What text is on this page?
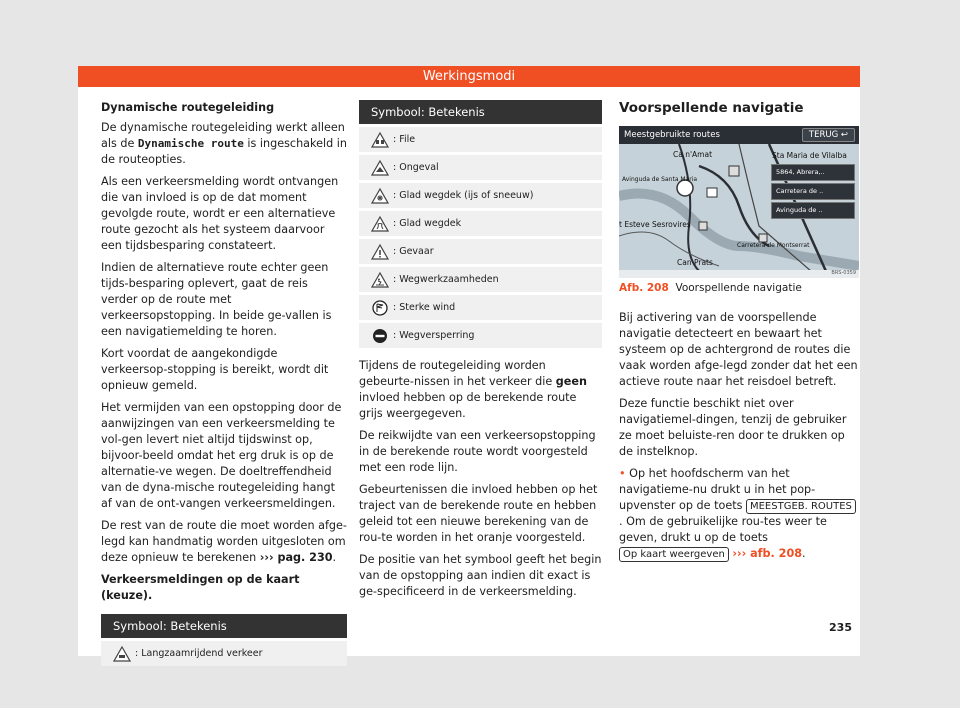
Werkingsmodi
Dynamische routegeleiding

De dynamische routegeleiding werkt alleen als de Dynamische route is ingeschakeld in de routeopties.

Als een verkeersmelding wordt ontvangen die van invloed is op de dat moment gevolgde route, wordt er een alternatieve route gezocht als het systeem daarvoor een tijdsbesparing constateert.

Indien de alternatieve route echter geen tijds-besparing oplevert, gaat de reis verder op de route met verkeersopstopping. In beide ge-vallen is een navigatiemelding te horen.

Kort voordat de aangekondigde verkeersop-stopping is bereikt, wordt dit opnieuw gemeld.

Het vermijden van een opstopping door de aanwijzingen van een verkeersmelding te vol-gen levert niet altijd tijdswinst op, bijvoor-beeld omdat het erg druk is op de alternatie-ve wegen. De doeltreffendheid van de dyna-mische routegeleiding hangt af van de ont-vangen verkeersmeldingen.

De rest van de route die moet worden afge-legd kan handmatig worden uitgesloten om deze opnieuw te berekenen ››› pag. 230.

Verkeersmeldingen op de kaart (keuze).
Symbool: Betekenis
: Langzaamrijdend verkeer
Symbool: Betekenis
: File
: Ongeval
: Glad wegdek (ijs of sneeuw)
: Glad wegdek
: Gevaar
: Wegwerkzaamheden
: Sterke wind
: Wegversperring

Tijdens de routegeleiding worden gebeurte-nissen in het verkeer die geen invloed hebben op de berekende route grijs weergegeven.

De reikwijdte van een verkeersopstopping in de berekende route wordt voorgesteld met een rode lijn.

Gebeurtenissen die invloed hebben op het traject van de berekende route en hebben geleid tot een nieuwe berekening van de rou-te worden in het oranje voorgesteld.

De positie van het symbool geeft het begin van de opstopping aan indien dit exact is ge-specificeerd in de verkeersmelding.

Voorspellende navigatie
Meestgebruikte routes	TERUG ↩
Ca n'Amat	Sta Maria de Vilalba
Avinguda de Santa Maria
t Esteve Sesrovires
Carretera de Montserrat
Can Prats
5864, Abrera,..
Carretera de ..
Avinguda de ..
BRS-0359
Afb. 208 Voorspellende navigatie

Bij activering van de voorspellende navigatie detecteert en bewaart het systeem op de achtergrond de routes die vaak worden afge-legd zonder dat het een actieve route naar het reisdoel betreft.

Deze functie beschikt niet over navigatiemel-dingen, tenzij de gebruiker ze moet beluiste-ren door te drukken op de instelknop.

• Op het hoofdscherm van het navigatieme-nu drukt u in het pop-upvenster op de toets MEESTGEB. ROUTES. Om de gebruikelijke rou-tes weer te geven, drukt u op de toets Op kaart weergeven ››› afb. 208.

235
